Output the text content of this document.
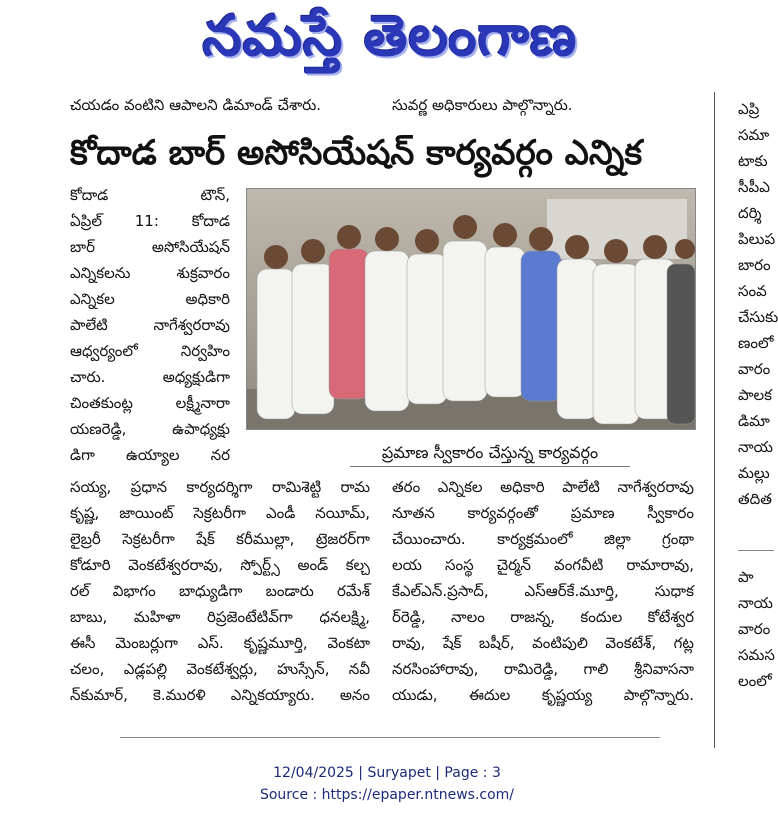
నమస్తే తెలంగాణ
చయడం వంటిని ఆపాలని డిమాండ్ చేశారు.	సువర్ణ అధికారులు పాల్గొన్నారు.
కోదాడ బార్ అసోసియేషన్ కార్యవర్గం ఎన్నిక
కోదాడ టౌన్,
ఏప్రిల్ 11: కోదాడ
బార్ అసోసియేషన్
ఎన్నికలను శుక్రవారం
ఎన్నికల అధికారి
పాలేటి నాగేశ్వరరావు
ఆధ్వర్యంలో నిర్వహిం
చారు. అధ్యక్షుడిగా
చింతకుంట్ల లక్ష్మీనారా
యణరెడ్డి, ఉపాధ్యక్షు
డిగా ఉయ్యాల నర	ప్రమాణ స్వీకారం చేస్తున్న కార్యవర్గం
సయ్య, ప్రధాన కార్యదర్శిగా రామిశెట్టి రామ
కృష్ణ, జాయింట్ సెక్రటరీగా ఎండీ నయీమ్,
లైబ్రరీ సెక్రటరీగా షేక్ కరీముల్లా, ట్రెజరర్‌గా
కోడూరి వెంకటేశ్వరరావు, స్పోర్ట్స్ అండ్ కల్చ
రల్ విభాగం బాధ్యుడిగా బండారు రమేశ్
బాబు, మహిళా రిప్రజెంటేటివ్‌గా ధనలక్ష్మి,
ఈసీ మెంబర్లుగా ఎస్. కృష్ణమూర్తి, వెంకటా
చలం, ఎడ్లపల్లి వెంకటేశ్వర్లు, హుస్సేన్, నవీ
న్‌కుమార్, కె.మురళి ఎన్నికయ్యారు. అనం
తరం ఎన్నికల అధికారి పాలేటి నాగేశ్వరరావు
నూతన కార్యవర్గంతో ప్రమాణ స్వీకారం
చేయించారు. కార్యక్రమంలో జిల్లా గ్రంథా
లయ సంస్థ చైర్మన్ వంగవీటి రామారావు,
కేఎల్ఎన్.ప్రసాద్, ఎస్ఆర్‌కే.మూర్తి, సుధాక
ర్‌రెడ్డి, నాలం రాజన్న, కందుల కోటేశ్వర
రావు, షేక్ బషీర్, వంటిపులి వెంకటేశ్, గట్ల
నరసింహారావు, రామిరెడ్డి, గాలి శ్రీనివాసనా
యుడు, ఈదుల కృష్ణయ్య పాల్గొన్నారు.
ఎప్రి
సమా
టాకు
సీపీఎ
దర్శి
పిలుప
బారం
సంవ
చేసుకు
ణంలో
వారం
పాలక
డిమా
నాయ
మల్లు
తదిత

పా
నాయ
వారం
సమస
లంలో
12/04/2025 | Suryapet | Page : 3
Source : https://epaper.ntnews.com/
